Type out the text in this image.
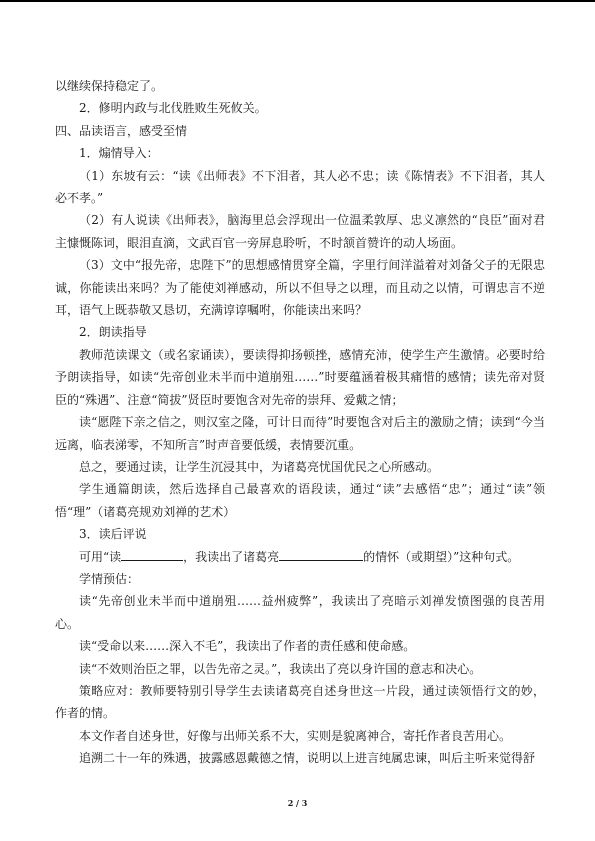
以继续保持稳定了。

2．修明内政与北伐胜败生死攸关。

四、品读语言，感受至情

1．煽情导入：

（1）东坡有云：“读《出师表》不下泪者，其人必不忠；读《陈情表》不下泪者，其人必不孝。”

（2）有人说读《出师表》，脑海里总会浮现出一位温柔敦厚、忠义凛然的“良臣”面对君主慷慨陈词，眼泪直滴，文武百官一旁屏息聆听，不时颔首赞许的动人场面。

（3）文中“报先帝，忠陛下”的思想感情贯穿全篇，字里行间洋溢着对刘备父子的无限忠诚，你能读出来吗？为了能使刘禅感动，所以不但导之以理，而且动之以情，可谓忠言不逆耳，语气上既恭敬又恳切，充满谆谆嘱咐，你能读出来吗？

2．朗读指导

教师范读课文（或名家诵读），要读得抑扬顿挫，感情充沛，使学生产生激情。必要时给予朗读指导，如读“先帝创业未半而中道崩殂……”时要蕴涵着极其痛惜的感情；读先帝对贤臣的“殊遇”、注意“简拔”贤臣时要饱含对先帝的崇拜、爱戴之情；

读“愿陛下亲之信之，则汉室之隆，可计日而待”时要饱含对后主的激励之情；读到“今当远离，临表涕零，不知所言”时声音要低缓，表情要沉重。

总之，要通过读，让学生沉浸其中，为诸葛亮忧国优民之心所感动。

学生通篇朗读，然后选择自己最喜欢的语段读，通过“读”去感悟“忠”；通过“读”领悟“理”（诸葛亮规劝刘禅的艺术）

3．读后评说

可用“读	，我读出了诸葛亮	的情怀（或期望）”这种句式。

学情预估：

读“先帝创业未半而中道崩殂……益州疲弊”，我读出了亮暗示刘禅发愤图强的良苦用心。

读“受命以来……深入不毛”，我读出了作者的责任感和使命感。

读“不效则治臣之罪，以告先帝之灵。”，我读出了亮以身许国的意志和决心。

策略应对：教师要特别引导学生去读诸葛亮自述身世这一片段，通过读领悟行文的妙，作者的情。

本文作者自述身世，好像与出师关系不大，实则是貌离神合，寄托作者良苦用心。

追溯二十一年的殊遇，披露感恩戴德之情，说明以上进言纯属忠谏，叫后主听来觉得舒

2 / 3
